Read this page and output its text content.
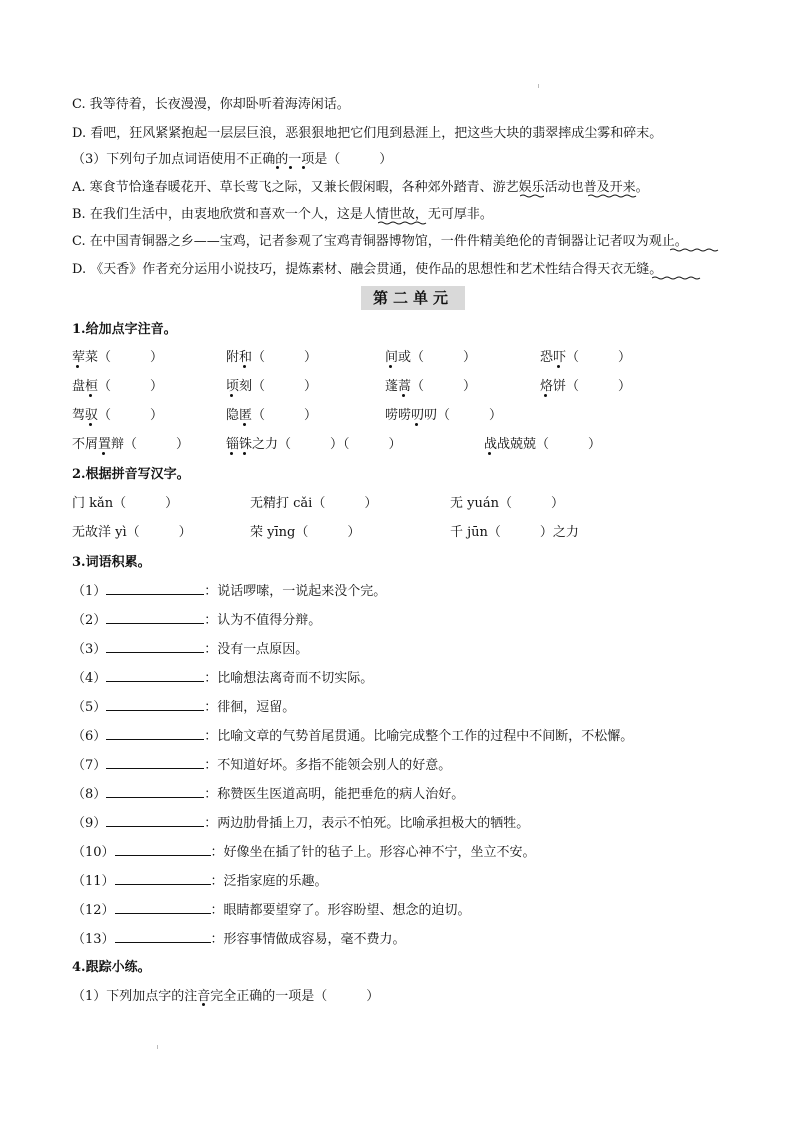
C. 我等待着，长夜漫漫，你却卧听着海涛闲话。
D. 看吧，狂风紧紧抱起一层层巨浪，恶狠狠地把它们甩到悬涯上，把这些大块的翡翠摔成尘雾和碎末。
（3）下列句子加点词语使用不正确的一项是（　　　）
A. 寒食节恰逢春暖花开、草长莺飞之际，又兼长假闲暇，各种郊外踏青、游艺娱乐活动也普及开来。
B. 在我们生活中，由衷地欣赏和喜欢一个人，这是人情世故，无可厚非。
C. 在中国青铜器之乡——宝鸡，记者参观了宝鸡青铜器博物馆，一件件精美绝伦的青铜器让记者叹为观止。
D. 《天香》作者充分运用小说技巧，提炼素材、融会贯通，使作品的思想性和艺术性结合得天衣无缝。
第二单元
1.给加点字注音。
荤菜（　　　）	附和（　　　）	间或（　　　）	恐吓（　　　）
盘桓（　　　）	顷刻（　　　）	蓬蒿（　　　）	烙饼（　　　）
驾驭（　　　）	隐匿（　　　）	唠唠叨叨（　　　）
不屑置辩（　　　）	锱铢之力（　　　）（　　　）	战战兢兢（　　　）
2.根据拼音写汉字。
门 kǎn（　　　）	无精打 cǎi（　　　）	无 yuán（　　　）
无故洋 yì（　　　）	荣 yīng（　　　）	千 jūn（　　　）之力
3.词语积累。
（1）	：说话啰嗦，一说起来没个完。
（2）	：认为不值得分辩。
（3）	：没有一点原因。
（4）	：比喻想法离奇而不切实际。
（5）	：徘徊，逗留。
（6）	：比喻文章的气势首尾贯通。比喻完成整个工作的过程中不间断，不松懈。
（7）	：不知道好坏。多指不能领会别人的好意。
（8）	：称赞医生医道高明，能把垂危的病人治好。
（9）	：两边肋骨插上刀，表示不怕死。比喻承担极大的牺牲。
（10）	：好像坐在插了针的毡子上。形容心神不宁，坐立不安。
（11）	：泛指家庭的乐趣。
（12）	：眼睛都要望穿了。形容盼望、想念的迫切。
（13）	：形容事情做成容易，毫不费力。
4.跟踪小练。
（1）下列加点字的注音完全正确的一项是（　　　）
